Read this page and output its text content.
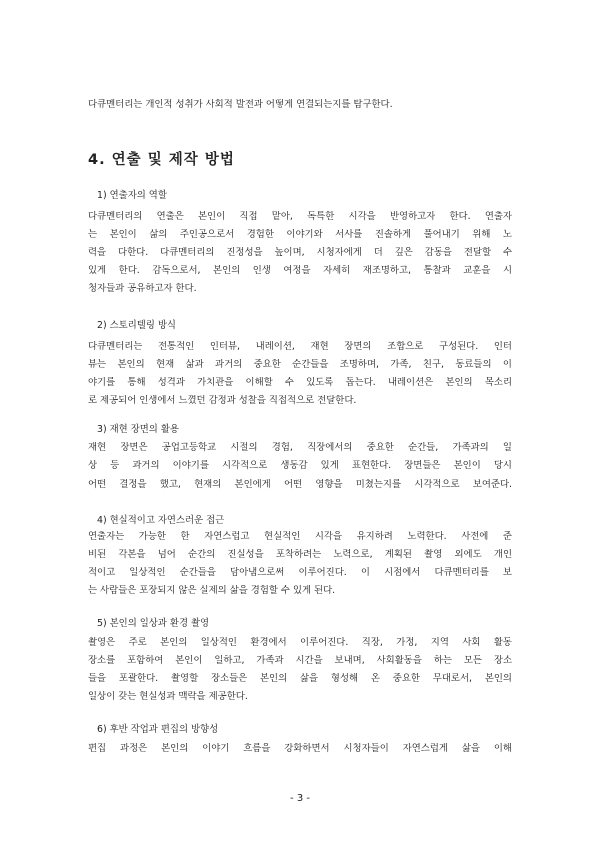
다큐멘터리는 개인적 성취가 사회적 발전과 어떻게 연결되는지를 탐구한다.
4. 연출 및 제작 방법
1) 연출자의 역할
다큐멘터리의 연출은 본인이 직접 맡아, 독특한 시각을 반영하고자 한다. 연출자
는 본인이 삶의 주인공으로서 경험한 이야기와 서사를 진솔하게 풀어내기 위해 노
력을 다한다. 다큐멘터리의 진정성을 높이며, 시청자에게 더 깊은 감동을 전달할 수
있게 한다. 감독으로서, 본인의 인생 여정을 자세히 재조명하고, 통찰과 교훈을 시
청자들과 공유하고자 한다.
2) 스토리텔링 방식
다큐멘터리는 전통적인 인터뷰, 내레이션, 재현 장면의 조합으로 구성된다. 인터
뷰는 본인의 현재 삶과 과거의 중요한 순간들을 조명하며, 가족, 친구, 동료들의 이
야기를 통해 성격과 가치관을 이해할 수 있도록 돕는다. 내레이션은 본인의 목소리
로 제공되어 인생에서 느꼈던 감정과 성찰을 직접적으로 전달한다.
3) 재현 장면의 활용
재현 장면은 공업고등학교 시절의 경험, 직장에서의 중요한 순간들, 가족과의 일
상 등 과거의 이야기를 시각적으로 생동감 있게 표현한다. 장면들은 본인이 당시
어떤 결정을 했고, 현재의 본인에게 어떤 영향을 미쳤는지를 시각적으로 보여준다.
4) 현실적이고 자연스러운 접근
연출자는 가능한 한 자연스럽고 현실적인 시각을 유지하려 노력한다. 사전에 준
비된 각본을 넘어 순간의 진실성을 포착하려는 노력으로, 계획된 촬영 외에도 개인
적이고 일상적인 순간들을 담아냄으로써 이루어진다. 이 시점에서 다큐멘터리를 보
는 사람들은 포장되지 않은 실제의 삶을 경험할 수 있게 된다.
5) 본인의 일상과 환경 촬영
촬영은 주로 본인의 일상적인 환경에서 이루어진다. 직장, 가정, 지역 사회 활동
장소를 포함하여 본인이 일하고, 가족과 시간을 보내며, 사회활동을 하는 모든 장소
들을 포괄한다. 촬영할 장소들은 본인의 삶을 형성해 온 중요한 무대로서, 본인의
일상이 갖는 현실성과 맥락을 제공한다.
6) 후반 작업과 편집의 방향성
편집 과정은 본인의 이야기 흐름을 강화하면서 시청자들이 자연스럽게 삶을 이해
- 3 -
